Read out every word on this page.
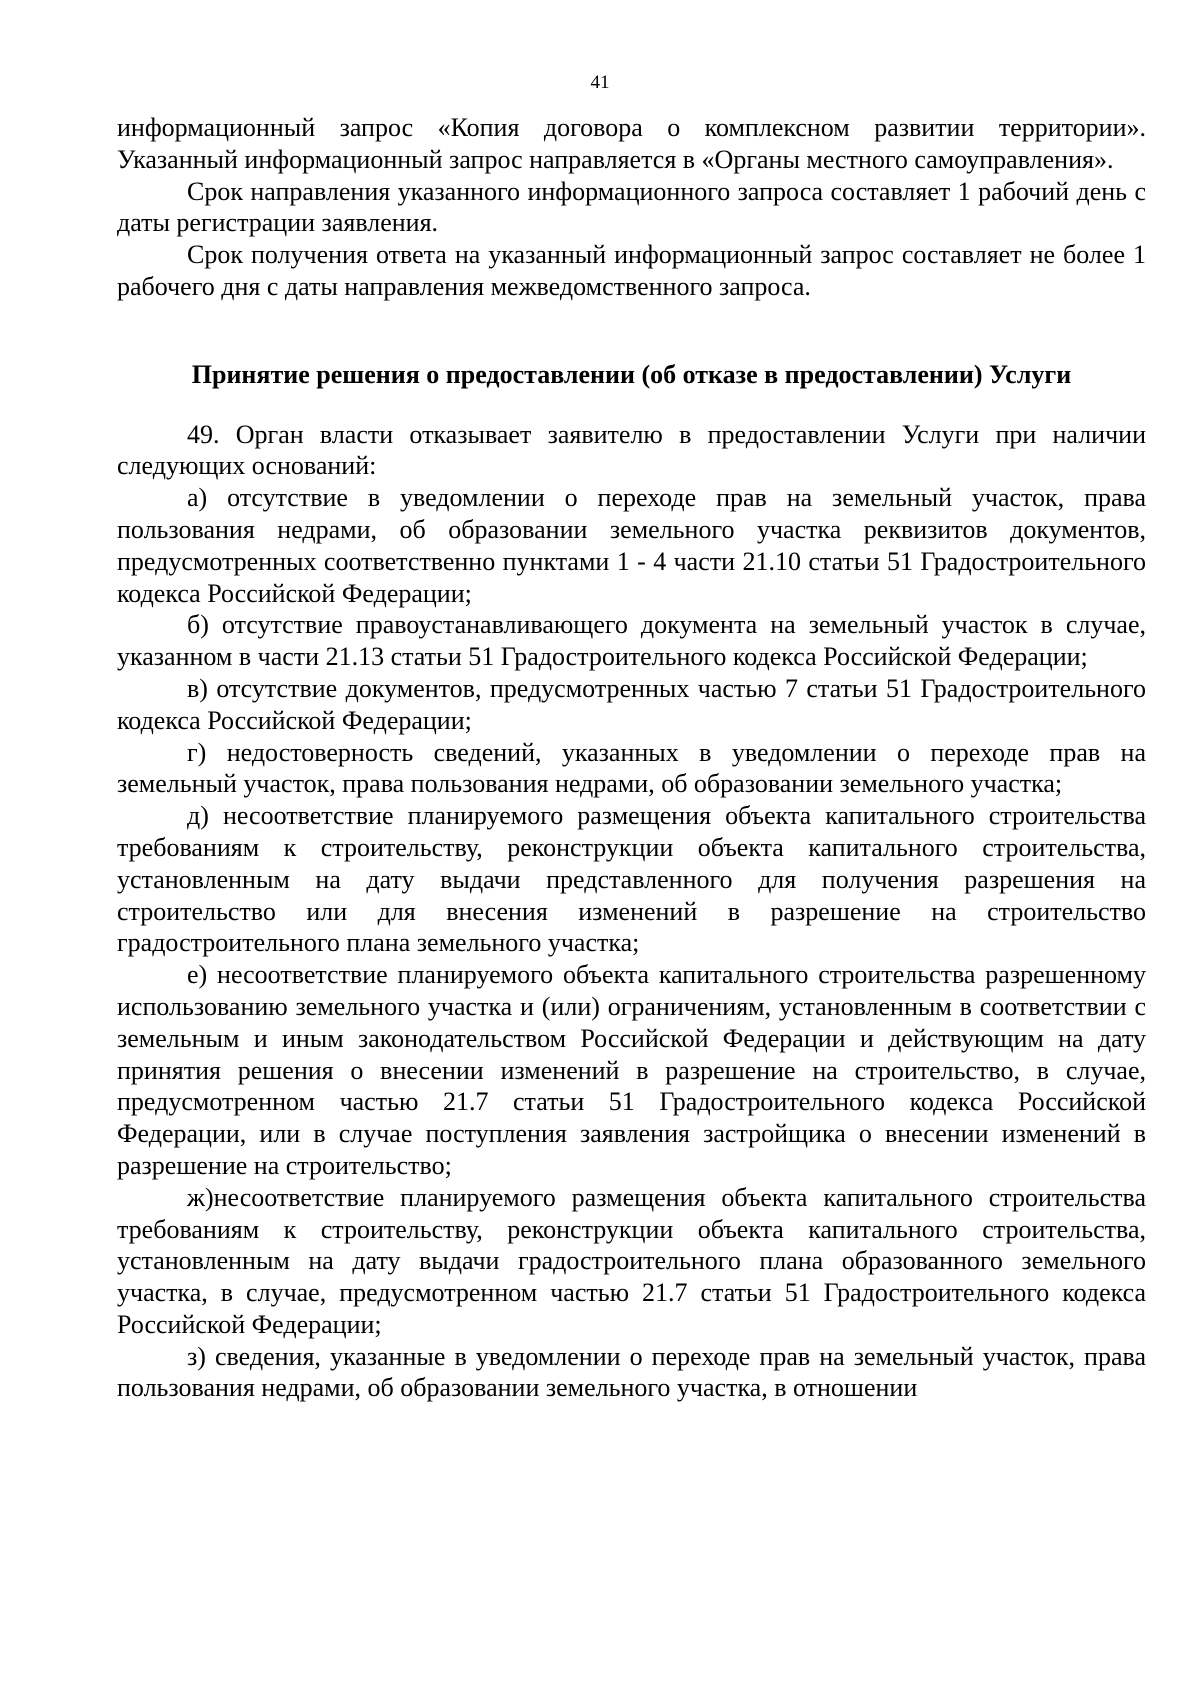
41

информационный запрос «Копия договора о комплексном развитии территории». Указанный информационный запрос направляется в «Органы местного самоуправления».

Срок направления указанного информационного запроса составляет 1 рабочий день с даты регистрации заявления.

Срок получения ответа на указанный информационный запрос составляет не более 1 рабочего дня с даты направления межведомственного запроса.

Принятие решения о предоставлении (об отказе в предоставлении) Услуги

49. Орган власти отказывает заявителю в предоставлении Услуги при наличии следующих оснований:

а) отсутствие в уведомлении о переходе прав на земельный участок, права пользования недрами, об образовании земельного участка реквизитов документов, предусмотренных соответственно пунктами 1 - 4 части 21.10 статьи 51 Градостроительного кодекса Российской Федерации;

б) отсутствие правоустанавливающего документа на земельный участок в случае, указанном в части 21.13 статьи 51 Градостроительного кодекса Российской Федерации;

в) отсутствие документов, предусмотренных частью 7 статьи 51 Градостроительного кодекса Российской Федерации;

г) недостоверность сведений, указанных в уведомлении о переходе прав на земельный участок, права пользования недрами, об образовании земельного участка;

д) несоответствие планируемого размещения объекта капитального строительства требованиям к строительству, реконструкции объекта капитального строительства, установленным на дату выдачи представленного для получения разрешения на строительство или для внесения изменений в разрешение на строительство градостроительного плана земельного участка;

е) несоответствие планируемого объекта капитального строительства разрешенному использованию земельного участка и (или) ограничениям, установленным в соответствии с земельным и иным законодательством Российской Федерации и действующим на дату принятия решения о внесении изменений в разрешение на строительство, в случае, предусмотренном частью 21.7 статьи 51 Градостроительного кодекса Российской Федерации, или в случае поступления заявления застройщика о внесении изменений в разрешение на строительство;

ж)несоответствие планируемого размещения объекта капитального строительства требованиям к строительству, реконструкции объекта капитального строительства, установленным на дату выдачи градостроительного плана образованного земельного участка, в случае, предусмотренном частью 21.7 статьи 51 Градостроительного кодекса Российской Федерации;

з) сведения, указанные в уведомлении о переходе прав на земельный участок, права пользования недрами, об образовании земельного участка, в отношении
